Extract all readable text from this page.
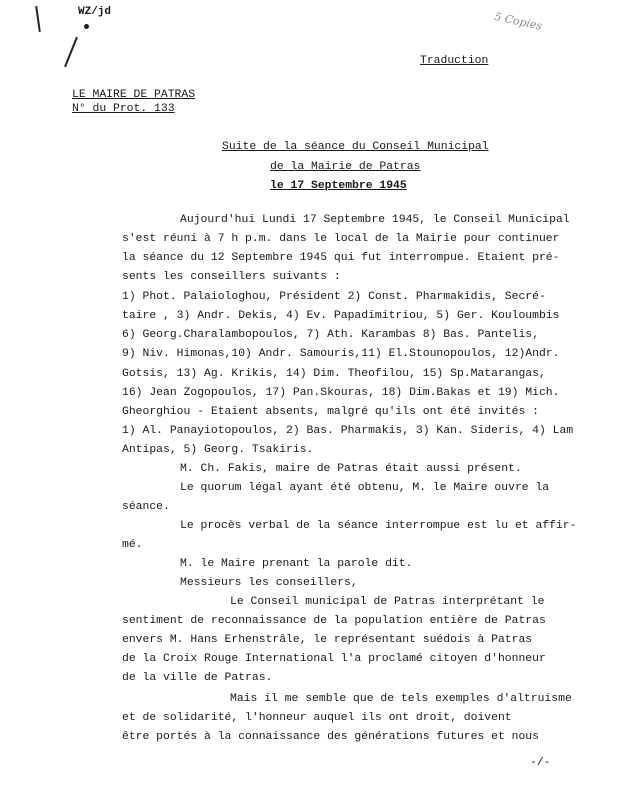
WZ/jd	5 Copies
Traduction
LE MAIRE DE PATRAS
N° du Prot. 133
Suite de la séance du Conseil Municipal
de la Mairie de Patras
le 17 Septembre 1945
Aujourd'hui Lundi 17 Septembre 1945, le Conseil Municipal
s'est réuni à 7 h p.m. dans le local de la Mairie pour continuer
la séance du 12 Septembre 1945 qui fut interrompue. Etaient pré-
sents les conseillers suivants :
1) Phot. Palaiologhou, Président 2) Const. Pharmakidis, Secré-
taire , 3) Andr. Dekis, 4) Ev. Papadimitriou, 5) Ger. Kouloumbis
6) Georg.Charalambopoulos, 7) Ath. Karambas 8) Bas. Pantelis,
9) Niv. Himonas,10) Andr. Samouris,11) El.Stounopoulos, 12)Andr.
Gotsis, 13) Ag. Krikis, 14) Dim. Theofilou, 15) Sp.Matarangas,
16) Jean Zogopoulos, 17) Pan.Skouras, 18) Dim.Bakas et 19) Mich.
Gheorghiou - Etaient absents, malgré qu'ils ont été invités :
1) Al. Panayiotopoulos, 2) Bas. Pharmakis, 3) Kan. Sideris, 4) Lam
Antipas, 5) Georg. Tsakiris.
M. Ch. Fakis, maire de Patras était aussi présent.
Le quorum légal ayant été obtenu, M. le Maire ouvre la
séance.
Le procès verbal de la séance interrompue est lu et affir-
mé.
M. le Maire prenant la parole dit.
Messieurs les conseillers,
Le Conseil municipal de Patras interprétant le
sentiment de reconnaissance de la population entière de Patras
envers M. Hans Erhenstrâle, le représentant suédois à Patras
de la Croix Rouge International l'a proclamé citoyen d'honneur
de la ville de Patras.
Mais il me semble que de tels exemples d'altruisme
et de solidarité, l'honneur auquel ils ont droit, doivent
être portés à la connaissance des générations futures et nous
-/-
